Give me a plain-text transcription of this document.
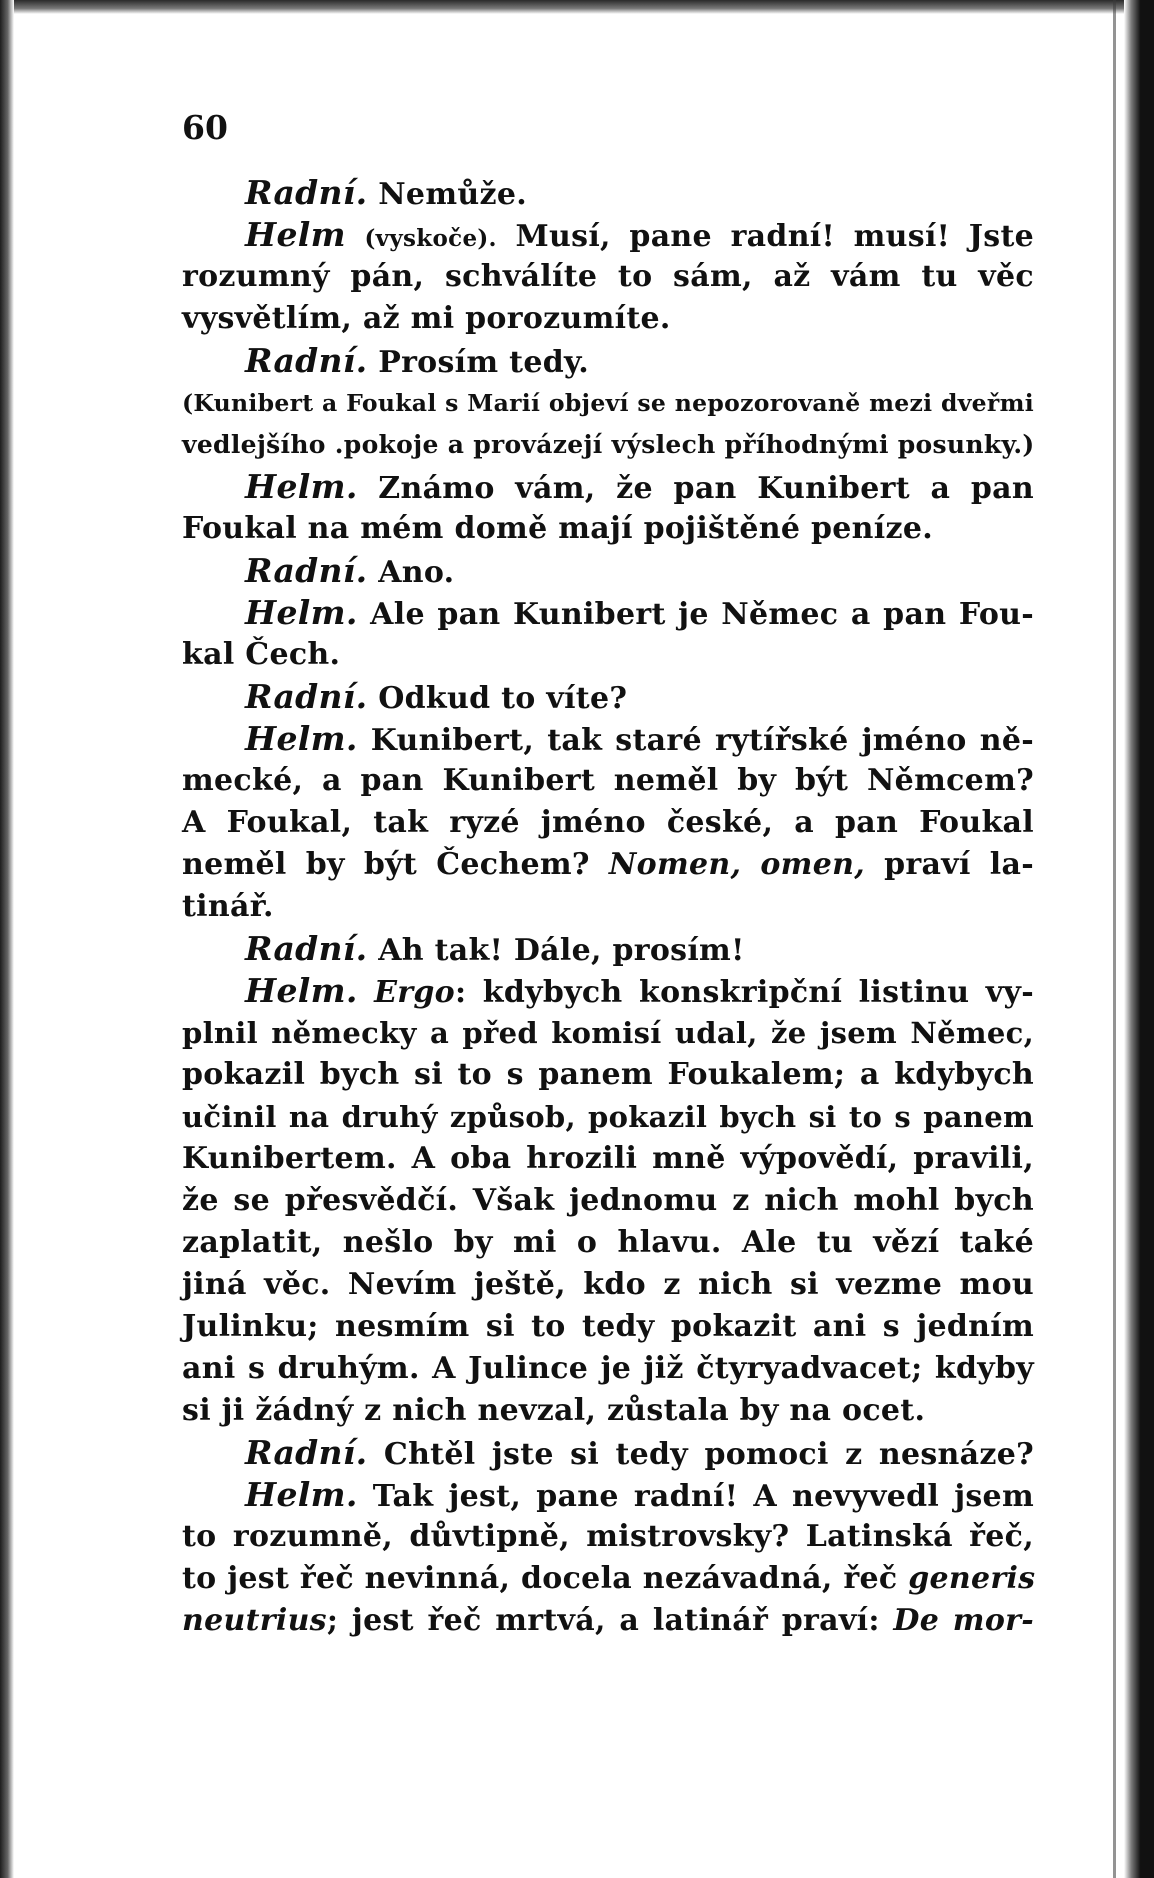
60
Radní. Nemůže.
Helm (vyskoče). Musí, pane radní! musí! Jste
rozumný pán, schválíte to sám, až vám tu věc
vysvětlím, až mi porozumíte.
Radní. Prosím tedy.
(Kunibert a Foukal s Marií objeví se nepozorovaně mezi dveřmi
vedlejšího .pokoje a provázejí výslech příhodnými posunky.)
Helm. Známo vám, že pan Kunibert a pan
Foukal na mém domě mají pojištěné peníze.
Radní. Ano.
Helm. Ale pan Kunibert je Němec a pan Fou-
kal Čech.
Radní. Odkud to víte?
Helm. Kunibert, tak staré rytířské jméno ně-
mecké, a pan Kunibert neměl by být Němcem?
A Foukal, tak ryzé jméno české, a pan Foukal
neměl by být Čechem? Nomen, omen, praví la-
tinář.
Radní. Ah tak! Dále, prosím!
Helm. Ergo: kdybych konskripční listinu vy-
plnil německy a před komisí udal, že jsem Němec,
pokazil bych si to s panem Foukalem; a kdybych
učinil na druhý způsob, pokazil bych si to s panem
Kunibertem. A oba hrozili mně výpovědí, pravili,
že se přesvědčí. Však jednomu z nich mohl bych
zaplatit, nešlo by mi o hlavu. Ale tu vězí také
jiná věc. Nevím ještě, kdo z nich si vezme mou
Julinku; nesmím si to tedy pokazit ani s jedním
ani s druhým. A Julince je již čtyryadvacet; kdyby
si ji žádný z nich nevzal, zůstala by na ocet.
Radní. Chtěl jste si tedy pomoci z nesnáze?
Helm. Tak jest, pane radní! A nevyvedl jsem
to rozumně, důvtipně, mistrovsky? Latinská řeč,
to jest řeč nevinná, docela nezávadná, řeč generis
neutrius; jest řeč mrtvá, a latinář praví: De mor-
